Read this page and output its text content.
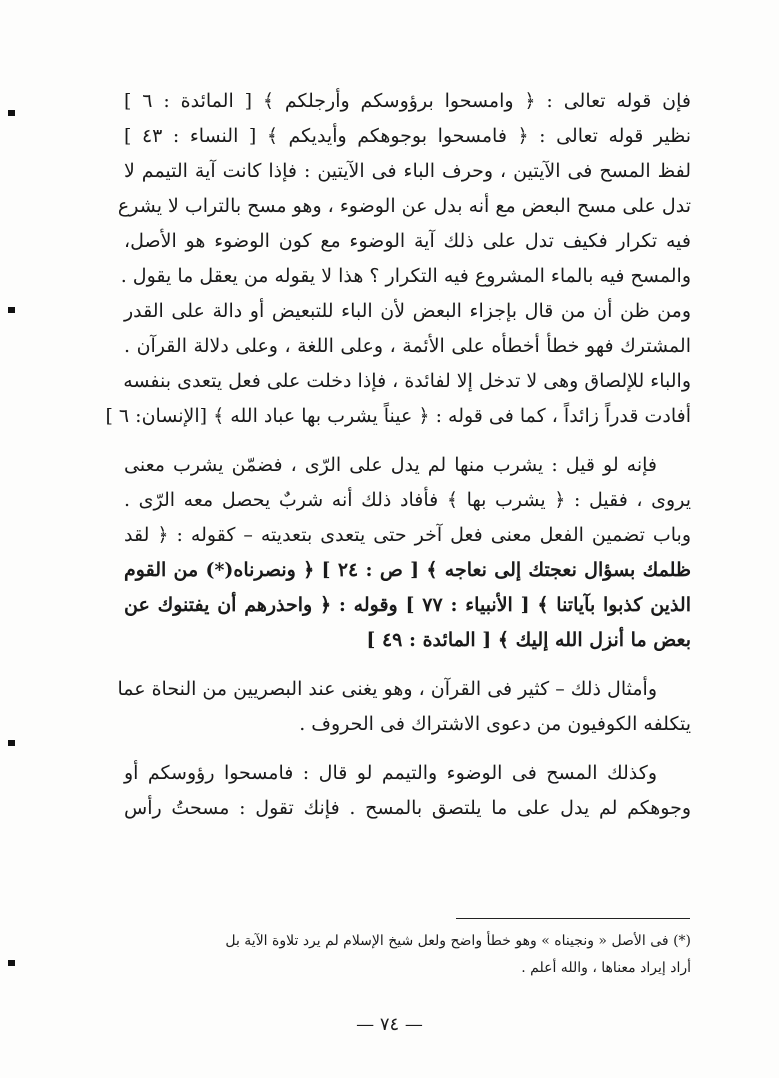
فإن قوله تعالى : ﴿ وامسحوا برؤوسكم وأرجلكم ﴾ [ المائدة : ٦ ]
نظير قوله تعالى : ﴿ فامسحوا بوجوهكم وأيديكم ﴾ [ النساء : ٤٣ ]
لفظ المسح فى الآيتين ، وحرف الباء فى الآيتين : فإذا كانت آية التيمم لا
تدل على مسح البعض مع أنه بدل عن الوضوء ، وهو مسح بالتراب لا يشرع
فيه تكرار فكيف تدل على ذلك آية الوضوء مع كون الوضوء هو الأصل،
والمسح فيه بالماء المشروع فيه التكرار ؟ هذا لا يقوله من يعقل ما يقول .
ومن ظن أن من قال بإجزاء البعض لأن الباء للتبعيض أو دالة على القدر
المشترك فهو خطأ أخطأه على الأئمة ، وعلى اللغة ، وعلى دلالة القرآن .
والباء للإلصاق وهى لا تدخل إلا لفائدة ، فإذا دخلت على فعل يتعدى بنفسه
أفادت قدراً زائداً ، كما فى قوله : ﴿ عيناً يشرب بها عباد الله ﴾ [الإنسان: ٦ ]
فإنه لو قيل : يشرب منها لم يدل على الرّى ، فضمّن يشرب معنى
يروى ، فقيل : ﴿ يشرب بها ﴾ فأفاد ذلك أنه شربٌ يحصل معه الرّى .
وباب تضمين الفعل معنى فعل آخر حتى يتعدى بتعديته – كقوله : ﴿ لقد
ظلمك بسؤال نعجتك إلى نعاجه ﴾ [ ص : ٢٤ ] ﴿ ونصرناه(*) من القوم
الذين كذبوا بآياتنا ﴾ [ الأنبياء : ٧٧ ] وقوله : ﴿ واحذرهم أن يفتنوك عن
بعض ما أنزل الله إليك ﴾ [ المائدة : ٤٩ ]
وأمثال ذلك – كثير فى القرآن ، وهو يغنى عند البصريين من النحاة عما
يتكلفه الكوفيون من دعوى الاشتراك فى الحروف .
وكذلك المسح فى الوضوء والتيمم لو قال : فامسحوا رؤوسكم أو
وجوهكم لم يدل على ما يلتصق بالمسح . فإنك تقول : مسحتُ رأس
(*) فى الأصل « ونجيناه » وهو خطأ واضح ولعل شيخ الإسلام لم يرد تلاوة الآية بل
أراد إيراد معناها ، والله أعلم .
— ٧٤ —
